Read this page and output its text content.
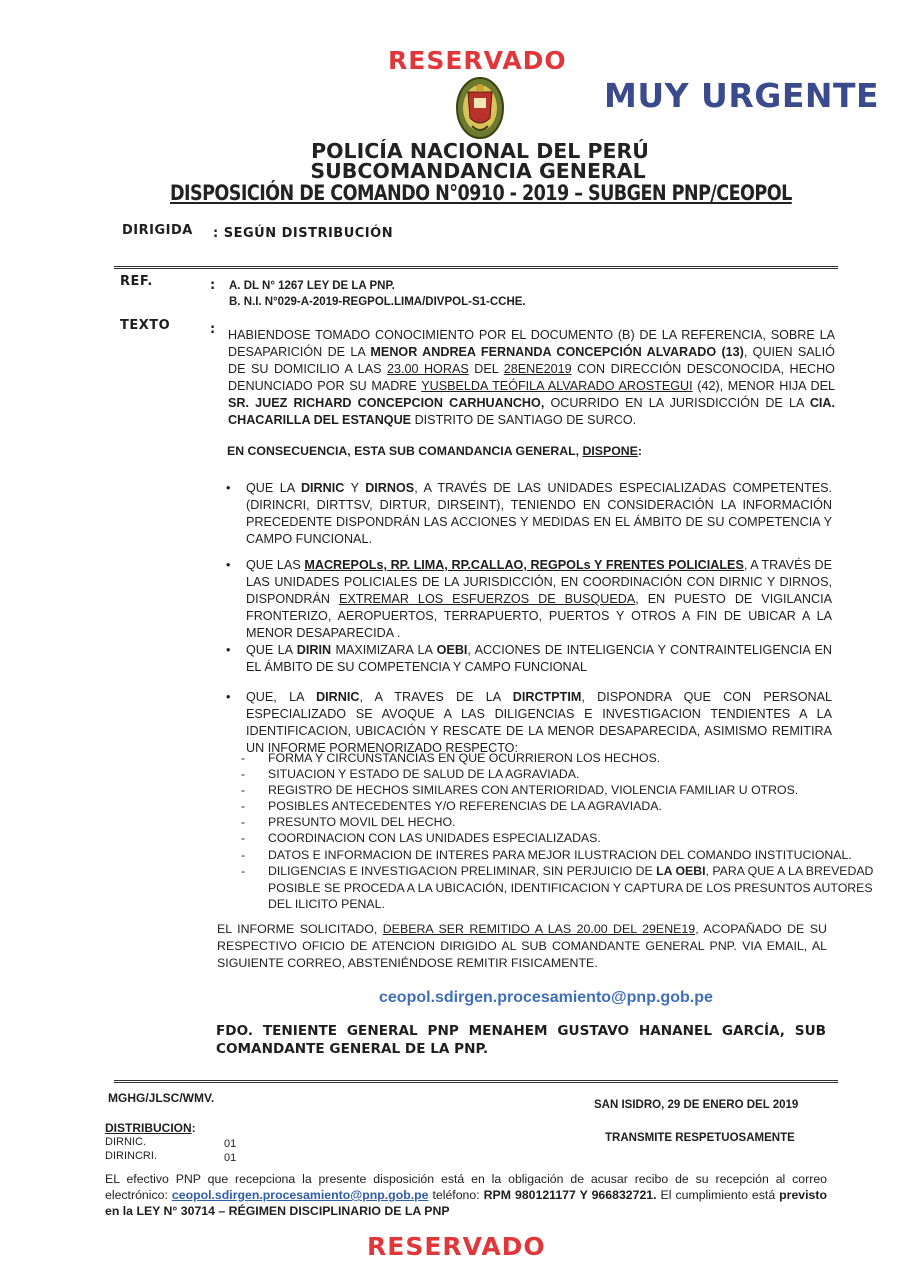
RESERVADO
MUY URGENTE
POLICÍA NACIONAL DEL PERÚ
SUBCOMANDANCIA GENERAL
DISPOSICIÓN DE COMANDO N°0910 - 2019 – SUBGEN PNP/CEOPOL
DIRIGIDA : SEGÚN DISTRIBUCIÓN
REF.	: A. DL N° 1267 LEY DE LA PNP.
B. N.I. N°029-A-2019-REGPOL.LIMA/DIVPOL-S1-CCHE.
TEXTO	: HABIENDOSE TOMADO CONOCIMIENTO POR EL DOCUMENTO (B) DE LA REFERENCIA, SOBRE LA DESAPARICIÓN DE LA MENOR ANDREA FERNANDA CONCEPCIÓN ALVARADO (13), QUIEN SALIÓ DE SU DOMICILIO A LAS 23.00 HORAS DEL 28ENE2019 CON DIRECCIÓN DESCONOCIDA, HECHO DENUNCIADO POR SU MADRE YUSBELDA TEÓFILA ALVARADO AROSTEGUI (42), MENOR HIJA DEL SR. JUEZ RICHARD CONCEPCION CARHUANCHO, OCURRIDO EN LA JURISDICCIÓN DE LA CIA. CHACARILLA DEL ESTANQUE DISTRITO DE SANTIAGO DE SURCO.
EN CONSECUENCIA, ESTA SUB COMANDANCIA GENERAL, DISPONE:
• QUE LA DIRNIC Y DIRNOS, A TRAVÉS DE LAS UNIDADES ESPECIALIZADAS COMPETENTES. (DIRINCRI, DIRTTSV, DIRTUR, DIRSEINT), TENIENDO EN CONSIDERACIÓN LA INFORMACIÓN PRECEDENTE DISPONDRÁN LAS ACCIONES Y MEDIDAS EN EL ÁMBITO DE SU COMPETENCIA Y CAMPO FUNCIONAL.
• QUE LAS MACREPOLs, RP. LIMA, RP.CALLAO, REGPOLs Y FRENTES POLICIALES, A TRAVÉS DE LAS UNIDADES POLICIALES DE LA JURISDICCIÓN, EN COORDINACIÓN CON DIRNIC Y DIRNOS, DISPONDRÁN EXTREMAR LOS ESFUERZOS DE BUSQUEDA, EN PUESTO DE VIGILANCIA FRONTERIZO, AEROPUERTOS, TERRAPUERTO, PUERTOS Y OTROS A FIN DE UBICAR A LA MENOR DESAPARECIDA .
• QUE LA DIRIN MAXIMIZARA LA OEBI, ACCIONES DE INTELIGENCIA Y CONTRAINTELIGENCIA EN EL ÁMBITO DE SU COMPETENCIA Y CAMPO FUNCIONAL
• QUE, LA DIRNIC, A TRAVES DE LA DIRCTPTIM, DISPONDRA QUE CON PERSONAL ESPECIALIZADO SE AVOQUE A LAS DILIGENCIAS E INVESTIGACION TENDIENTES A LA IDENTIFICACION, UBICACIÓN Y RESCATE DE LA MENOR DESAPARECIDA, ASIMISMO REMITIRA UN INFORME PORMENORIZADO RESPECTO:
- FORMA Y CIRCUNSTANCIAS EN QUE OCURRIERON LOS HECHOS.
- SITUACION Y ESTADO DE SALUD DE LA AGRAVIADA.
- REGISTRO DE HECHOS SIMILARES CON ANTERIORIDAD, VIOLENCIA FAMILIAR U OTROS.
- POSIBLES ANTECEDENTES Y/O REFERENCIAS DE LA AGRAVIADA.
- PRESUNTO MOVIL DEL HECHO.
- COORDINACION CON LAS UNIDADES ESPECIALIZADAS.
- DATOS E INFORMACION DE INTERES PARA MEJOR ILUSTRACION DEL COMANDO INSTITUCIONAL.
- DILIGENCIAS E INVESTIGACION PRELIMINAR, SIN PERJUICIO DE LA OEBI, PARA QUE A LA BREVEDAD
POSIBLE SE PROCEDA A LA UBICACIÓN, IDENTIFICACION Y CAPTURA DE LOS PRESUNTOS AUTORES
DEL ILICITO PENAL.
EL INFORME SOLICITADO, DEBERA SER REMITIDO A LAS 20.00 DEL 29ENE19, ACOPAÑADO DE SU RESPECTIVO OFICIO DE ATENCION DIRIGIDO AL SUB COMANDANTE GENERAL PNP. VIA EMAIL, AL SIGUIENTE CORREO, ABSTENIÉNDOSE REMITIR FISICAMENTE.
ceopol.sdirgen.procesamiento@pnp.gob.pe
FDO. TENIENTE GENERAL PNP MENAHEM GUSTAVO HANANEL GARCÍA, SUB COMANDANTE GENERAL DE LA PNP.
MGHG/JLSC/WMV.	SAN ISIDRO, 29 DE ENERO DEL 2019
TRANSMITE RESPETUOSAMENTE
DISTRIBUCION:
DIRNIC.	01
DIRINCRI.	01
EL efectivo PNP que recepciona la presente disposición está en la obligación de acusar recibo de su recepción al correo electrónico: ceopol.sdirgen.procesamiento@pnp.gob.pe teléfono: RPM 980121177 Y 966832721. El cumplimiento está previsto en la LEY N° 30714 – RÉGIMEN DISCIPLINARIO DE LA PNP
RESERVADO
